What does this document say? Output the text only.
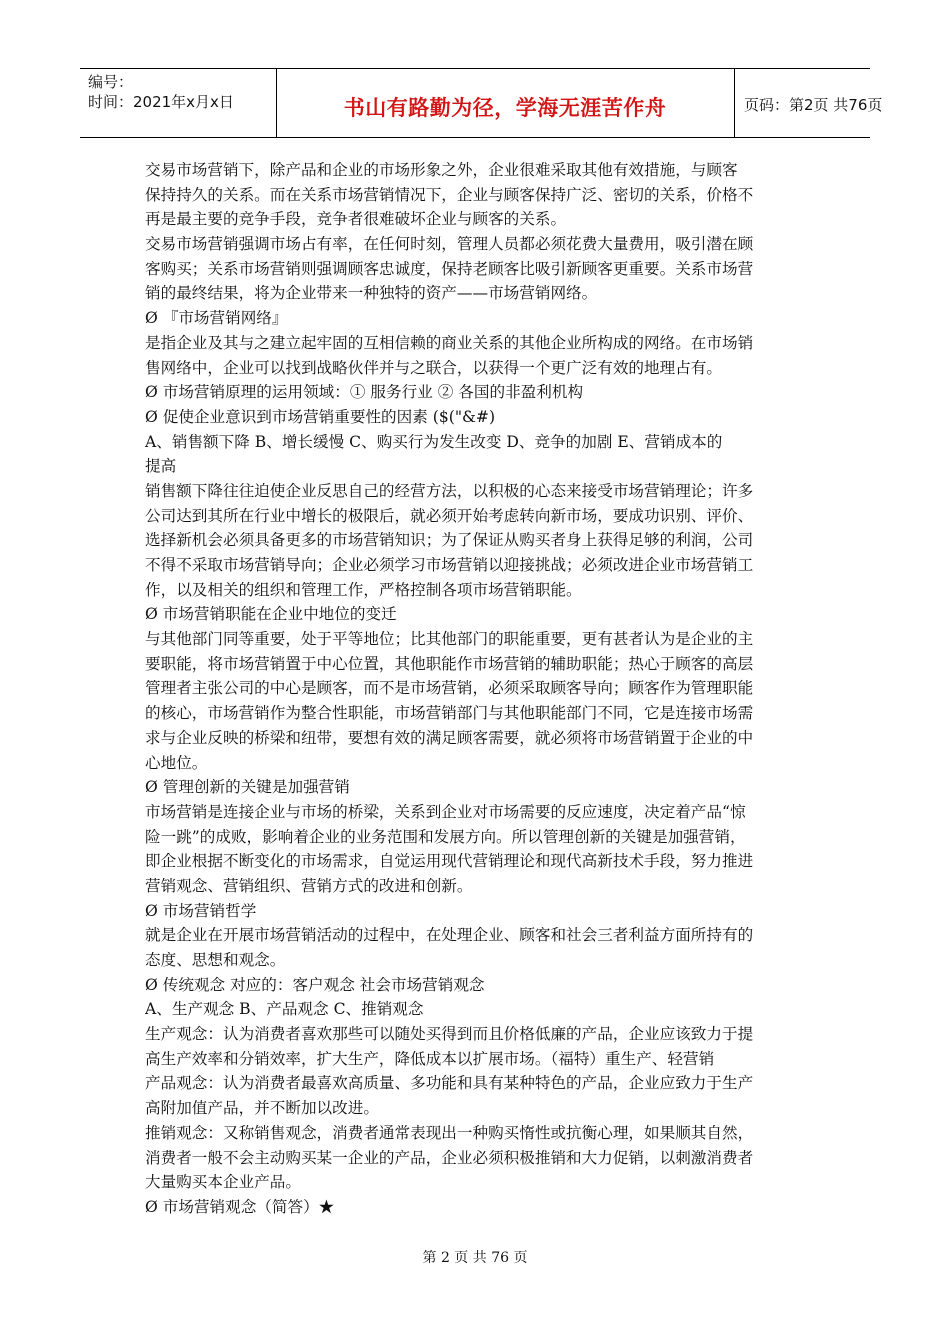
编号：
时间：2021年x月x日	书山有路勤为径，学海无涯苦作舟	页码：第2页 共76页
交易市场营销下，除产品和企业的市场形象之外，企业很难采取其他有效措施，与顾客
保持持久的关系。而在关系市场营销情况下，企业与顾客保持广泛、密切的关系，价格不
再是最主要的竞争手段，竞争者很难破坏企业与顾客的关系。
交易市场营销强调市场占有率，在任何时刻，管理人员都必须花费大量费用，吸引潜在顾
客购买；关系市场营销则强调顾客忠诚度，保持老顾客比吸引新顾客更重要。关系市场营
销的最终结果，将为企业带来一种独特的资产——市场营销网络。
Ø 『市场营销网络』
是指企业及其与之建立起牢固的互相信赖的商业关系的其他企业所构成的网络。在市场销
售网络中，企业可以找到战略伙伴并与之联合，以获得一个更广泛有效的地理占有。
Ø 市场营销原理的运用领域：① 服务行业 ② 各国的非盈利机构
Ø 促使企业意识到市场营销重要性的因素 ($("&#)
A、销售额下降 B、增长缓慢 C、购买行为发生改变 D、竞争的加剧 E、营销成本的
提高
销售额下降往往迫使企业反思自己的经营方法，以积极的心态来接受市场营销理论；许多
公司达到其所在行业中增长的极限后，就必须开始考虑转向新市场，要成功识别、评价、
选择新机会必须具备更多的市场营销知识；为了保证从购买者身上获得足够的利润，公司
不得不采取市场营销导向；企业必须学习市场营销以迎接挑战；必须改进企业市场营销工
作，以及相关的组织和管理工作，严格控制各项市场营销职能。
Ø 市场营销职能在企业中地位的变迁
与其他部门同等重要，处于平等地位；比其他部门的职能重要，更有甚者认为是企业的主
要职能，将市场营销置于中心位置，其他职能作市场营销的辅助职能；热心于顾客的高层
管理者主张公司的中心是顾客，而不是市场营销，必须采取顾客导向；顾客作为管理职能
的核心，市场营销作为整合性职能，市场营销部门与其他职能部门不同，它是连接市场需
求与企业反映的桥梁和纽带，要想有效的满足顾客需要，就必须将市场营销置于企业的中
心地位。
Ø 管理创新的关键是加强营销
市场营销是连接企业与市场的桥梁，关系到企业对市场需要的反应速度，决定着产品“惊
险一跳”的成败，影响着企业的业务范围和发展方向。所以管理创新的关键是加强营销，
即企业根据不断变化的市场需求，自觉运用现代营销理论和现代高新技术手段，努力推进
营销观念、营销组织、营销方式的改进和创新。
Ø 市场营销哲学
就是企业在开展市场营销活动的过程中，在处理企业、顾客和社会三者利益方面所持有的
态度、思想和观念。
Ø 传统观念 对应的：客户观念 社会市场营销观念
A、生产观念 B、产品观念 C、推销观念
生产观念：认为消费者喜欢那些可以随处买得到而且价格低廉的产品，企业应该致力于提
高生产效率和分销效率，扩大生产，降低成本以扩展市场。（福特）重生产、轻营销
产品观念：认为消费者最喜欢高质量、多功能和具有某种特色的产品，企业应致力于生产
高附加值产品，并不断加以改进。
推销观念：又称销售观念，消费者通常表现出一种购买惰性或抗衡心理，如果顺其自然，
消费者一般不会主动购买某一企业的产品，企业必须积极推销和大力促销，以刺激消费者
大量购买本企业产品。
Ø 市场营销观念（简答）★
第 2 页 共 76 页
